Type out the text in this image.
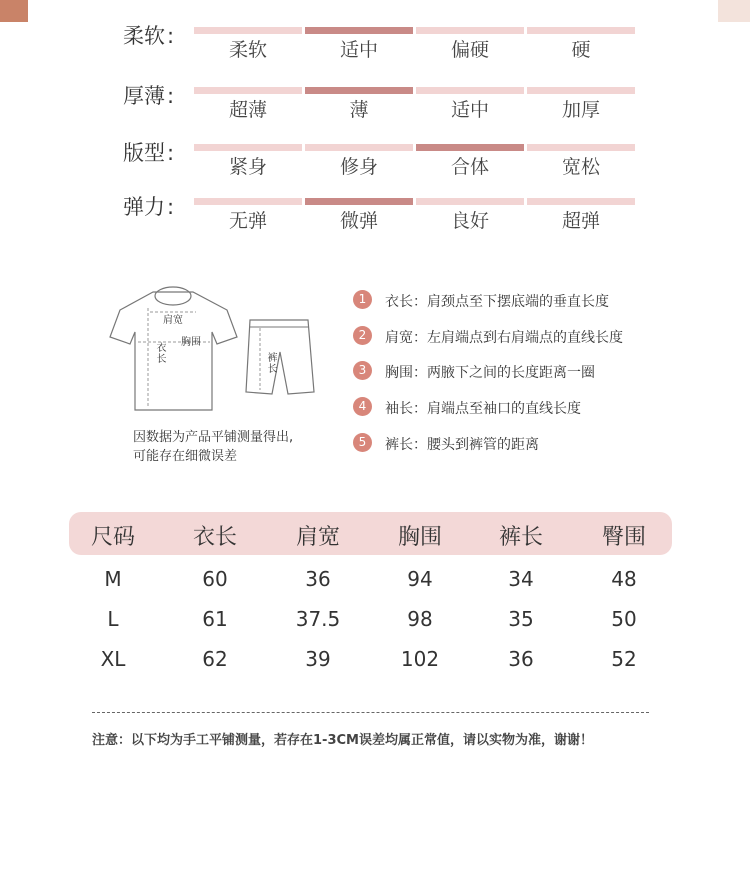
柔软:
柔软	适中	偏硬	硬
厚薄:
超薄	薄	适中	加厚
版型:
紧身	修身	合体	宽松
弹力:
无弹	微弹	良好	超弹
肩宽
胸围
衣长	裤长
因数据为产品平铺测量得出,
可能存在细微误差
1	衣长：肩颈点至下摆底端的垂直长度
2	肩宽：左肩端点到右肩端点的直线长度
3	胸围：两腋下之间的长度距离一圈
4	袖长：肩端点至袖口的直线长度
5	裤长：腰头到裤管的距离
尺码	衣长	肩宽	胸围	裤长	臀围
M	60	36	94	34	48
L	61	37.5	98	35	50
XL	62	39	102	36	52
注意：以下均为手工平铺测量，若存在1-3CM误差均属正常值，请以实物为准，谢谢！
